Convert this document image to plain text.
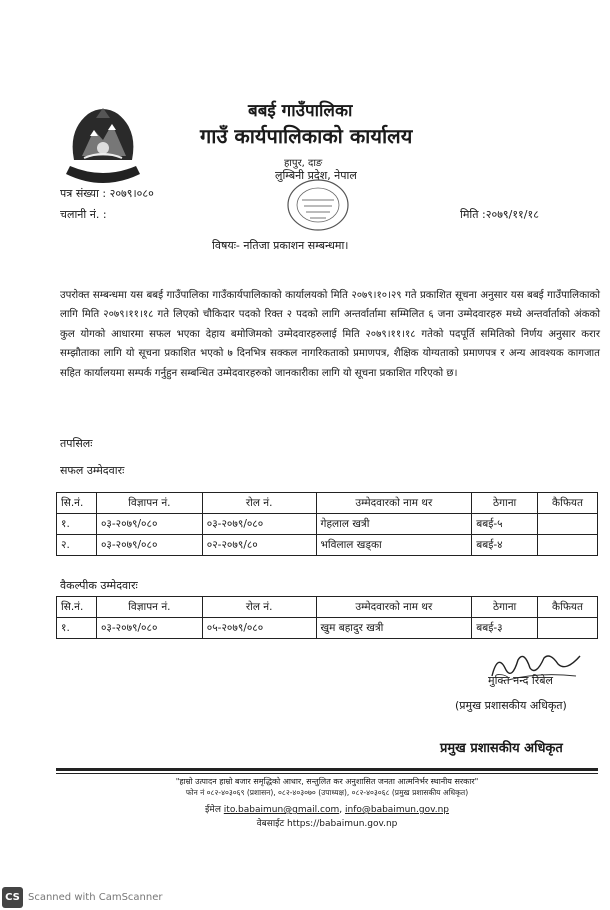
बबई गाउँपालिका
गाउँ कार्यपालिकाको कार्यालय
हापुर, दाङ
लुम्बिनी प्रदेश, नेपाल
पत्र संख्या : २०७९।०८०
चलानी नं. :	मिति :२०७९/११/१८
विषयः- नतिजा प्रकाशन सम्बन्धमा।
उपरोक्त सम्बन्धमा यस बबई गाउँपालिका गाउँकार्यपालिकाको कार्यालयको मिति २०७९।१०।२९ गते प्रकाशित सूचना अनुसार यस बबई गाउँपालिकाको लागि मिति २०७९।११।१८ गते लिएको चौकिदार पदको रिक्त २ पदको लागि अन्तर्वार्तामा सम्मिलित ६ जना उम्मेदवारहरु मध्ये अन्तर्वार्ताको अंकको कुल योगको आधारमा सफल भएका देहाय बमोजिमको उम्मेदवारहरुलाई मिति २०७९।११।१८ गतेको पदपूर्ति समितिको निर्णय अनुसार करार सम्झौताका लागि यो सूचना प्रकाशित भएको ७ दिनभित्र सक्कल नागरिकताको प्रमाणपत्र, शैक्षिक योग्यताको प्रमाणपत्र र अन्य आवश्यक कागजात सहित कार्यालयमा सम्पर्क गर्नुहुन सम्बन्धित उम्मेदवारहरुको जानकारीका लागि यो सूचना प्रकाशित गरिएको छ।
तपसिलः
सफल उम्मेदवारः
सि.नं.	विज्ञापन नं.	रोल नं.	उम्मेदवारको नाम थर	ठेगाना	कैफियत
१.	०३-२०७९/०८०	०३-२०७९/०८०	गेहलाल खत्री	बबई-५	
२.	०३-२०७९/०८०	०२-२०७९/८०	भविलाल खड्का	बबई-४	
वैकल्पीक उम्मेदवारः
सि.नं.	विज्ञापन नं.	रोल नं.	उम्मेदवारको नाम थर	ठेगाना	कैफियत
१.	०३-२०७९/०८०	०५-२०७९/०८०	खुम बहादुर खत्री	बबई-३	
मुक्ति नन्द रिबेल
(प्रमुख प्रशासकीय अधिकृत)
प्रमुख प्रशासकीय अधिकृत
"हाम्रो उत्पादन हाम्रो बजार समृद्धिको आधार, सन्तुलित कर अनुशासित जनता आत्मनिर्भर स्थानीय सरकार"
फोन नं ०८२-४०३०६९ (प्रशासन), ०८२-४०३०७० (उपाध्यक्ष), ०८२-४०३०६८ (प्रमुख प्रशासकीय अधिकृत)
ईमेल ito.babaimun@gmail.com, info@babaimun.gov.np
वेबसाईट https://babaimun.gov.np
CS Scanned with CamScanner
